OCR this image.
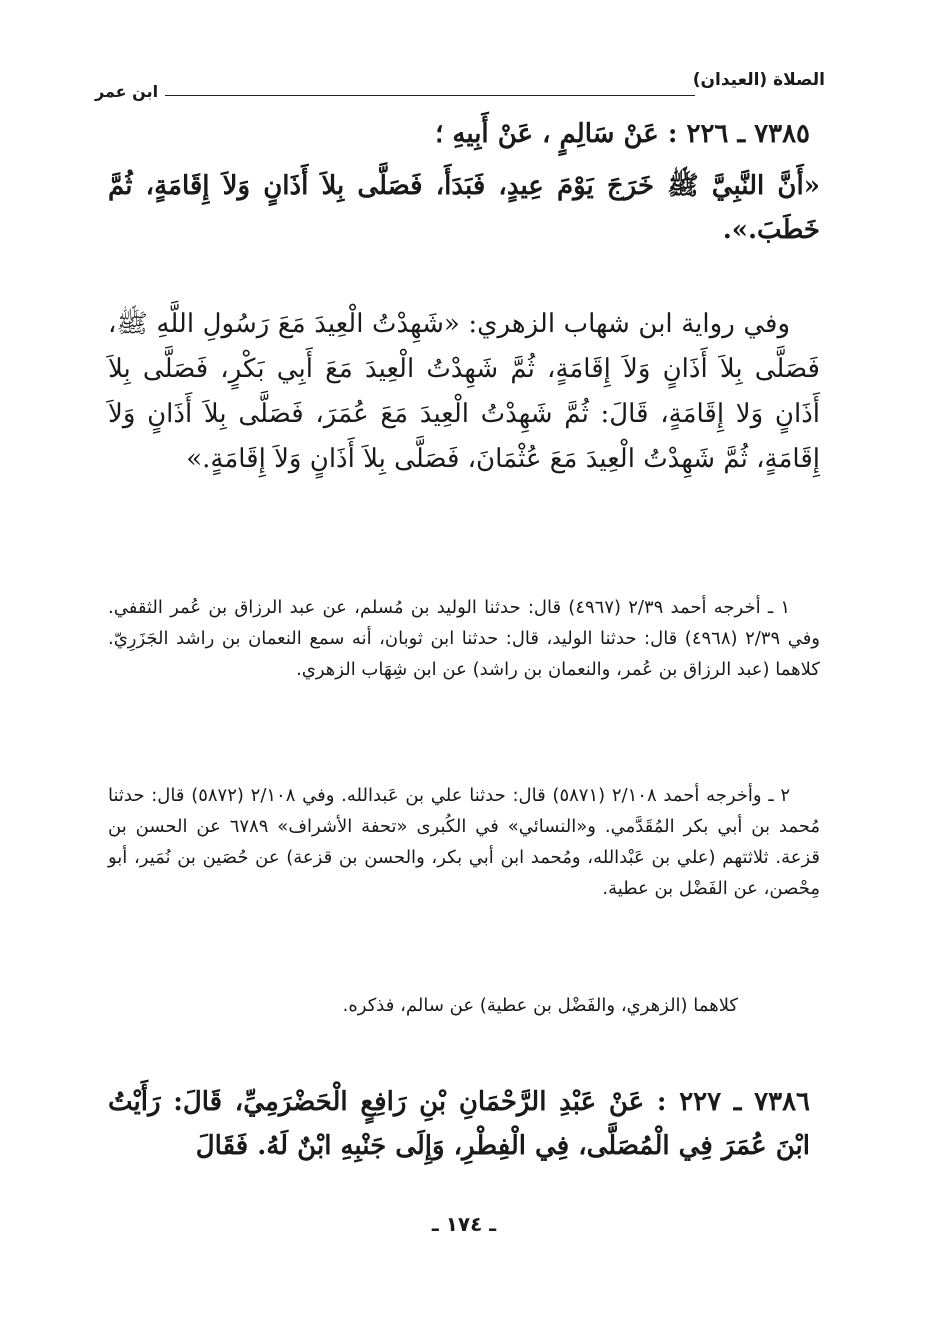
الصلاة (العيدان)
ابن عمر

٧٣٨٥ ـ ٢٢٦ : عَنْ سَالِمٍ ، عَنْ أَبِيهِ ؛

«أَنَّ النَّبِيَّ ﷺ خَرَجَ يَوْمَ عِيدٍ، فَبَدَأَ، فَصَلَّى بِلاَ أَذَانٍ وَلاَ إِقَامَةٍ، ثُمَّ خَطَبَ.».

وفي رواية ابن شهاب الزهري: «شَهِدْتُ الْعِيدَ مَعَ رَسُولِ اللَّهِ ﷺ، فَصَلَّى بِلاَ أَذَانٍ وَلاَ إِقَامَةٍ، ثُمَّ شَهِدْتُ الْعِيدَ مَعَ أَبِي بَكْرٍ، فَصَلَّى بِلاَ أَذَانٍ وَلا إِقَامَةٍ، قَالَ: ثُمَّ شَهِدْتُ الْعِيدَ مَعَ عُمَرَ، فَصَلَّى بِلاَ أَذَانٍ وَلاَ إِقَامَةٍ، ثُمَّ شَهِدْتُ الْعِيدَ مَعَ عُثْمَانَ، فَصَلَّى بِلاَ أَذَانٍ وَلاَ إِقَامَةٍ.»

١ ـ أخرجه أحمد ٢/٣٩ (٤٩٦٧) قال: حدثنا الوليد بن مُسلم، عن عبد الرزاق بن عُمر الثقفي. وفي ٢/٣٩ (٤٩٦٨) قال: حدثنا الوليد، قال: حدثنا ابن ثوبان، أنه سمع النعمان بن راشد الجَزَرِيّ. كلاهما (عبد الرزاق بن عُمر، والنعمان بن راشد) عن ابن شِهَاب الزهري.

٢ ـ وأخرجه أحمد ٢/١٠٨ (٥٨٧١) قال: حدثنا علي بن عَبدالله. وفي ٢/١٠٨ (٥٨٧٢) قال: حدثنا مُحمد بن أبي بكر المُقَدَّمي. و«النسائي» في الكُبرى «تحفة الأشراف» ٦٧٨٩ عن الحسن بن قزعة. ثلاثتهم (علي بن عَبْدالله، ومُحمد ابن أبي بكر، والحسن بن قزعة) عن حُصَين بن نُمَير، أبو مِحْصن، عن الفَضْل بن عطية.

كلاهما (الزهري، والفَضْل بن عطية) عن سالم، فذكره.

٧٣٨٦ ـ ٢٢٧ : عَنْ عَبْدِ الرَّحْمَانِ بْنِ رَافِعٍ الْحَضْرَمِيِّ، قَالَ: رَأَيْتُ ابْنَ عُمَرَ فِي الْمُصَلَّى، فِي الْفِطْرِ، وَإِلَى جَنْبِهِ ابْنٌ لَهُ. فَقَالَ

ـ ١٧٤ ـ
